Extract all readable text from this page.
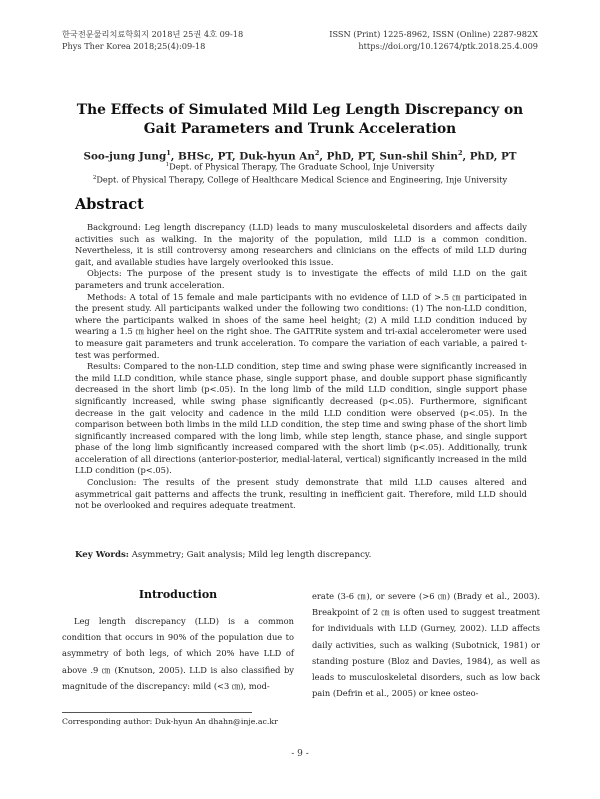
한국전문물리치료학회지 2018년 25권 4호 09-18
Phys Ther Korea 2018;25(4):09-18
ISSN (Print) 1225-8962, ISSN (Online) 2287-982X
https://doi.org/10.12674/ptk.2018.25.4.009
The Effects of Simulated Mild Leg Length Discrepancy on
Gait Parameters and Trunk Acceleration
Soo-jung Jung$^1$, BHSc, PT, Duk-hyun An$^2$, PhD, PT, Sun-shil Shin$^2$, PhD, PT
$^1$Dept. of Physical Therapy, The Graduate School, Inje University
$^2$Dept. of Physical Therapy, College of Healthcare Medical Science and Engineering, Inje University
Abstract

Background: Leg length discrepancy (LLD) leads to many musculoskeletal disorders and affects daily activities such as walking. In the majority of the population, mild LLD is a common condition. Nevertheless, it is still controversy among researchers and clinicians on the effects of mild LLD during gait, and available studies have largely overlooked this issue.

Objects: The purpose of the present study is to investigate the effects of mild LLD on the gait parameters and trunk acceleration.

Methods: A total of 15 female and male participants with no evidence of LLD of >.5 ㎝ participated in the present study. All participants walked under the following two conditions: (1) The non-LLD condition, where the participants walked in shoes of the same heel height; (2) A mild LLD condition induced by wearing a 1.5 ㎝ higher heel on the right shoe. The GAITRite system and tri-axial accelerometer were used to measure gait parameters and trunk acceleration. To compare the variation of each variable, a paired t-test was performed.

Results: Compared to the non-LLD condition, step time and swing phase were significantly increased in the mild LLD condition, while stance phase, single support phase, and double support phase significantly decreased in the short limb (p<.05). In the long limb of the mild LLD condition, single support phase significantly increased, while swing phase significantly decreased (p<.05). Furthermore, significant decrease in the gait velocity and cadence in the mild LLD condition were observed (p<.05). In the comparison between both limbs in the mild LLD condition, the step time and swing phase of the short limb significantly increased compared with the long limb, while step length, stance phase, and single support phase of the long limb significantly increased compared with the short limb (p<.05). Additionally, trunk acceleration of all directions (anterior-posterior, medial-lateral, vertical) significantly increased in the mild LLD condition (p<.05).

Conclusion: The results of the present study demonstrate that mild LLD causes altered and asymmetrical gait patterns and affects the trunk, resulting in inefficient gait. Therefore, mild LLD should not be overlooked and requires adequate treatment.

Key Words: Asymmetry; Gait analysis; Mild leg length discrepancy.
Introduction

Leg length discrepancy (LLD) is a common condition that occurs in 90% of the population due to asymmetry of both legs, of which 20% have LLD of above .9 ㎝ (Knutson, 2005). LLD is also classified by magnitude of the discrepancy: mild (<3 ㎝), mod-

erate (3-6 ㎝), or severe (>6 ㎝) (Brady et al., 2003). Breakpoint of 2 ㎝ is often used to suggest treatment for individuals with LLD (Gurney, 2002). LLD affects daily activities, such as walking (Subotnick, 1981) or standing posture (Bloz and Davies, 1984), as well as leads to musculoskeletal disorders, such as low back pain (Defrin et al., 2005) or knee osteo-

Corresponding author: Duk-hyun An dhahn@inje.ac.kr
- 9 -
